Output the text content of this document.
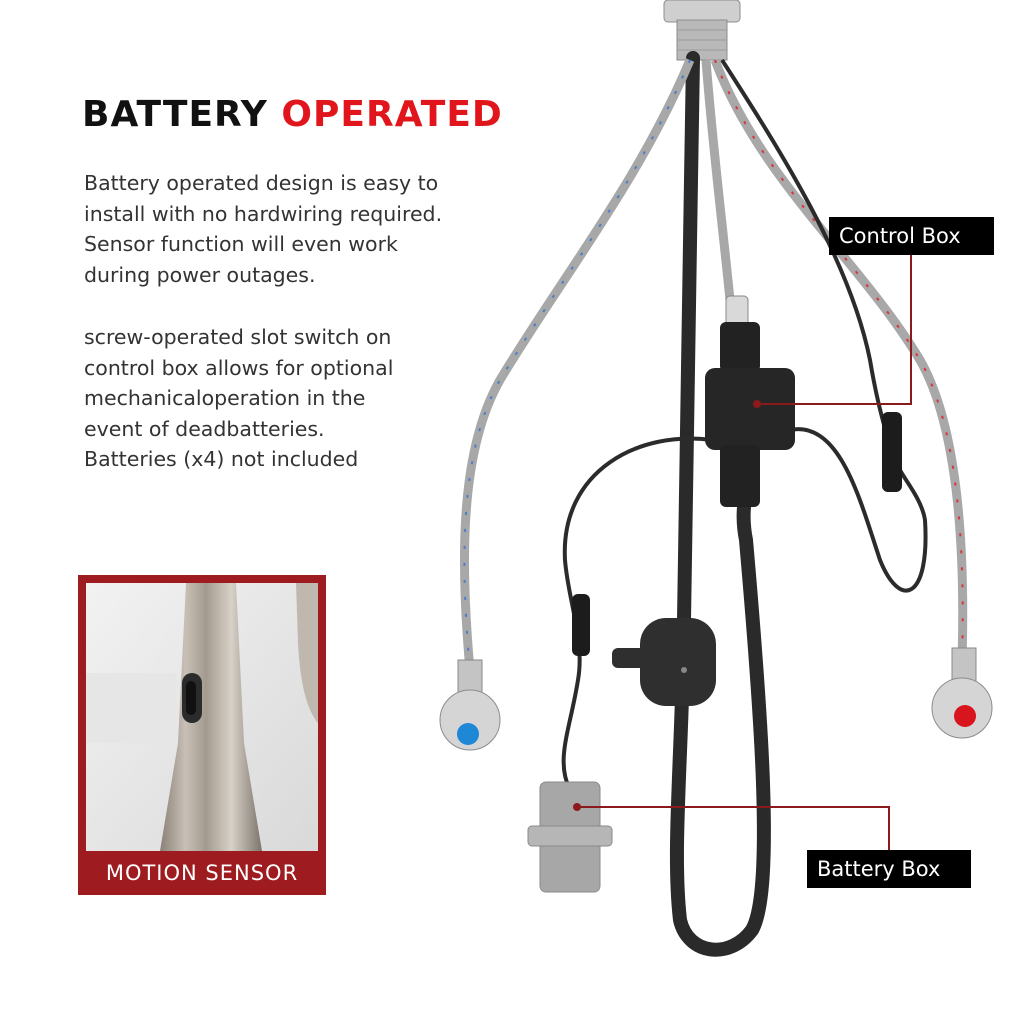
BATTERY OPERATED

Battery operated design is easy to
install with no hardwiring required.
Sensor function will even work
during power outages.

screw-operated slot switch on
control box allows for optional
mechanicaloperation in the
event of deadbatteries.
Batteries (x4) not included

MOTION SENSOR
Control Box
Battery Box
